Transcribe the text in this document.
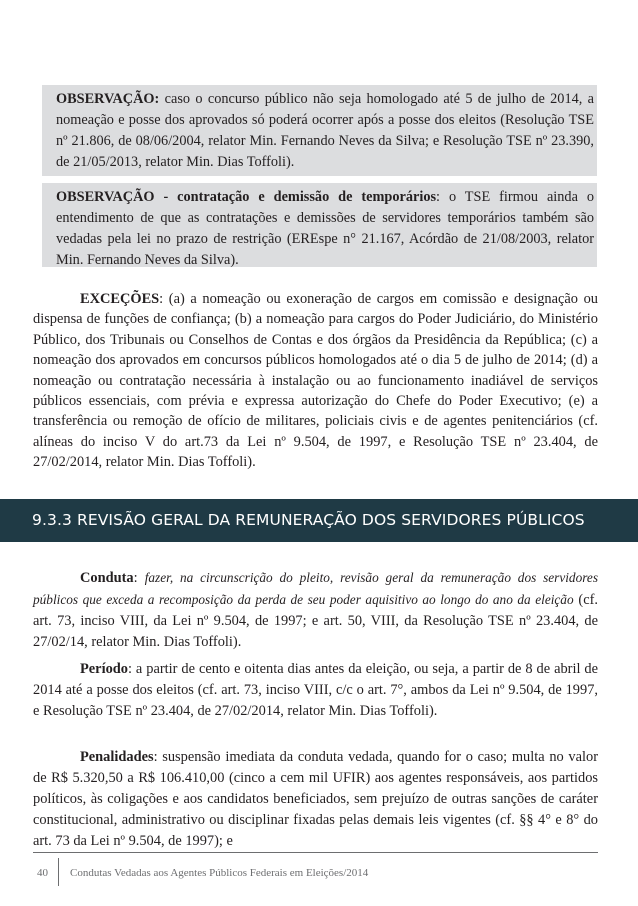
OBSERVAÇÃO: caso o concurso público não seja homologado até 5 de julho de 2014, a nomeação e posse dos aprovados só poderá ocorrer após a posse dos eleitos (Resolução TSE nº 21.806, de 08/06/2004, relator Min. Fernando Neves da Silva; e Resolução TSE nº 23.390, de 21/05/2013, relator Min. Dias Toffoli).
OBSERVAÇÃO - contratação e demissão de temporários: o TSE firmou ainda o entendimento de que as contratações e demissões de servidores temporários também são vedadas pela lei no prazo de restrição (EREspe n° 21.167, Acórdão de 21/08/2003, relator Min. Fernando Neves da Silva).

EXCEÇÕES: (a) a nomeação ou exoneração de cargos em comissão e designação ou dispensa de funções de confiança; (b) a nomeação para cargos do Poder Judiciário, do Ministério Público, dos Tribunais ou Conselhos de Contas e dos órgãos da Presidência da República; (c) a nomeação dos aprovados em concursos públicos homologados até o dia 5 de julho de 2014; (d) a nomeação ou contratação necessária à instalação ou ao funcionamento inadiável de serviços públicos essenciais, com prévia e expressa autorização do Chefe do Poder Executivo; (e) a transferência ou remoção de ofício de militares, policiais civis e de agentes penitenciários (cf. alíneas do inciso V do art.73 da Lei nº 9.504, de 1997, e Resolução TSE nº 23.404, de 27/02/2014, relator Min. Dias Toffoli).

9.3.3 REVISÃO GERAL DA REMUNERAÇÃO DOS SERVIDORES PÚBLICOS

Conduta: fazer, na circunscrição do pleito, revisão geral da remuneração dos servidores públicos que exceda a recomposição da perda de seu poder aquisitivo ao longo do ano da eleição (cf. art. 73, inciso VIII, da Lei nº 9.504, de 1997; e art. 50, VIII, da Resolução TSE nº 23.404, de 27/02/14, relator Min. Dias Toffoli).

Período: a partir de cento e oitenta dias antes da eleição, ou seja, a partir de 8 de abril de 2014 até a posse dos eleitos (cf. art. 73, inciso VIII, c/c o art. 7°, ambos da Lei nº 9.504, de 1997, e Resolução TSE nº 23.404, de 27/02/2014, relator Min. Dias Toffoli).

Penalidades: suspensão imediata da conduta vedada, quando for o caso; multa no valor de R$ 5.320,50 a R$ 106.410,00 (cinco a cem mil UFIR) aos agentes responsáveis, aos partidos políticos, às coligações e aos candidatos beneficiados, sem prejuízo de outras sanções de caráter constitucional, administrativo ou disciplinar fixadas pelas demais leis vigentes (cf. §§ 4° e 8° do art. 73 da Lei nº 9.504, de 1997); e

40 Condutas Vedadas aos Agentes Públicos Federais em Eleições/2014
